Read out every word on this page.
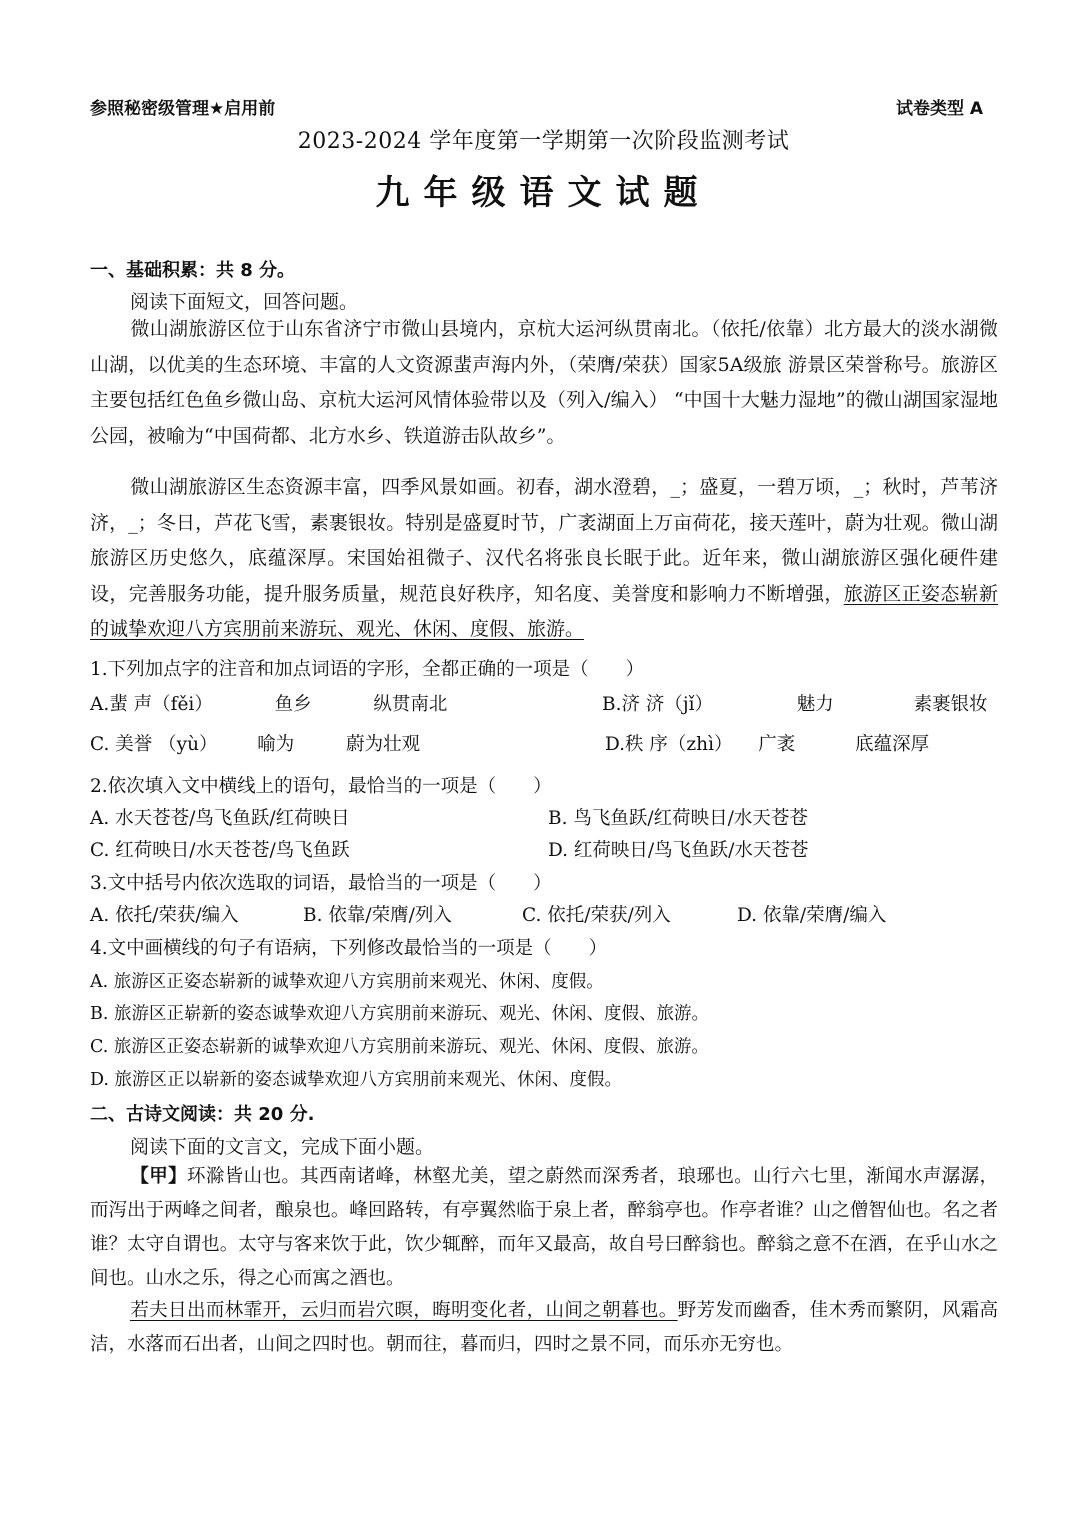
参照秘密级管理★启用前	试卷类型 A
2023-2024 学年度第一学期第一次阶段监测考试
九年级语文试题
一、基础积累：共 8 分。
阅读下面短文，回答问题。
微山湖旅游区位于山东省济宁市微山县境内，京杭大运河纵贯南北。（依托/依靠）北方最大的淡水湖微山湖，以优美的生态环境、丰富的人文资源蜚声海内外，（荣膺/荣获）国家5A级旅 游景区荣誉称号。旅游区主要包括红色鱼乡微山岛、京杭大运河风情体验带以及（列入/编入） “中国十大魅力湿地”的微山湖国家湿地公园，被喻为“中国荷都、北方水乡、铁道游击队故乡”。
微山湖旅游区生态资源丰富，四季风景如画。初春，湖水澄碧，_；盛夏，一碧万顷，_；秋时，芦苇济济，_；冬日，芦花飞雪，素裹银妆。特别是盛夏时节，广袤湖面上万亩荷花，接天莲叶，蔚为壮观。微山湖旅游区历史悠久，底蕴深厚。宋国始祖微子、汉代名将张良长眠于此。近年来，微山湖旅游区强化硬件建设，完善服务功能，提升服务质量，规范良好秩序，知名度、美誉度和影响力不断增强，旅游区正姿态崭新的诚挚欢迎八方宾朋前来游玩、观光、休闲、度假、旅游。
1.下列加点字的注音和加点词语的字形，全都正确的一项是（　　）
A.蜚 声（fěi）	鱼乡	纵贯南北	B.济 济（jǐ）	魅力	素裹银妆
C. 美誉 （yù） 喻为	蔚为壮观	D.秩 序（zhì） 广袤	底蕴深厚
2.依次填入文中横线上的语句，最恰当的一项是（　　）
A. 水天苍苍/鸟飞鱼跃/红荷映日	B. 鸟飞鱼跃/红荷映日/水天苍苍
C. 红荷映日/水天苍苍/鸟飞鱼跃	D. 红荷映日/鸟飞鱼跃/水天苍苍
3.文中括号内依次选取的词语，最恰当的一项是（　　）
A. 依托/荣获/编入	B. 依靠/荣膺/列入	C. 依托/荣获/列入	D. 依靠/荣膺/编入
4.文中画横线的句子有语病，下列修改最恰当的一项是（　　）
A. 旅游区正姿态崭新的诚挚欢迎八方宾朋前来观光、休闲、度假。
B. 旅游区正崭新的姿态诚挚欢迎八方宾朋前来游玩、观光、休闲、度假、旅游。
C. 旅游区正姿态崭新的诚挚欢迎八方宾朋前来游玩、观光、休闲、度假、旅游。
D. 旅游区正以崭新的姿态诚挚欢迎八方宾朋前来观光、休闲、度假。
二、古诗文阅读：共 20 分.
阅读下面的文言文，完成下面小题。
【甲】环滁皆山也。其西南诸峰，林壑尤美，望之蔚然而深秀者，琅琊也。山行六七里，渐闻水声潺潺，而泻出于两峰之间者，酿泉也。峰回路转，有亭翼然临于泉上者，醉翁亭也。作亭者谁？山之僧智仙也。名之者谁？太守自谓也。太守与客来饮于此，饮少辄醉，而年又最高，故自号曰醉翁也。醉翁之意不在酒，在乎山水之间也。山水之乐，得之心而寓之酒也。
若夫日出而林霏开，云归而岩穴暝，晦明变化者，山间之朝暮也。野芳发而幽香，佳木秀而繁阴，风霜高洁，水落而石出者，山间之四时也。朝而往，暮而归，四时之景不同，而乐亦无穷也。
